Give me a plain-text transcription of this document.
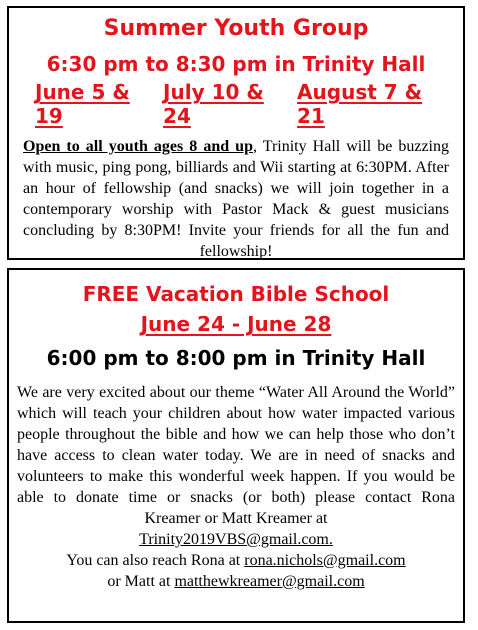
Summer Youth Group

6:30 pm to 8:30 pm in Trinity Hall

June 5 & 19
July 10 & 24
August 7 & 21
Open to all youth ages 8 and up, Trinity Hall will be buzzing with music, ping pong, billiards and Wii starting at 6:30PM. After an hour of fellowship (and snacks) we will join together in a contemporary worship with Pastor Mack & guest musicians concluding by 8:30PM! Invite your friends for all the fun and fellowship!

FREE Vacation Bible School

June 24 - June 28

6:00 pm to 8:00 pm in Trinity Hall

We are very excited about our theme “Water All Around the World” which will teach your children about how water impacted various people throughout the bible and how we can help those who don’t have access to clean water today. We are in need of snacks and volunteers to make this wonderful week happen. If you would be able to donate time or snacks (or both) please contact Rona Kreamer or Matt Kreamer at
Trinity2019VBS@gmail.com.
You can also reach Rona at rona.nichols@gmail.com
or Matt at matthewkreamer@gmail.com
